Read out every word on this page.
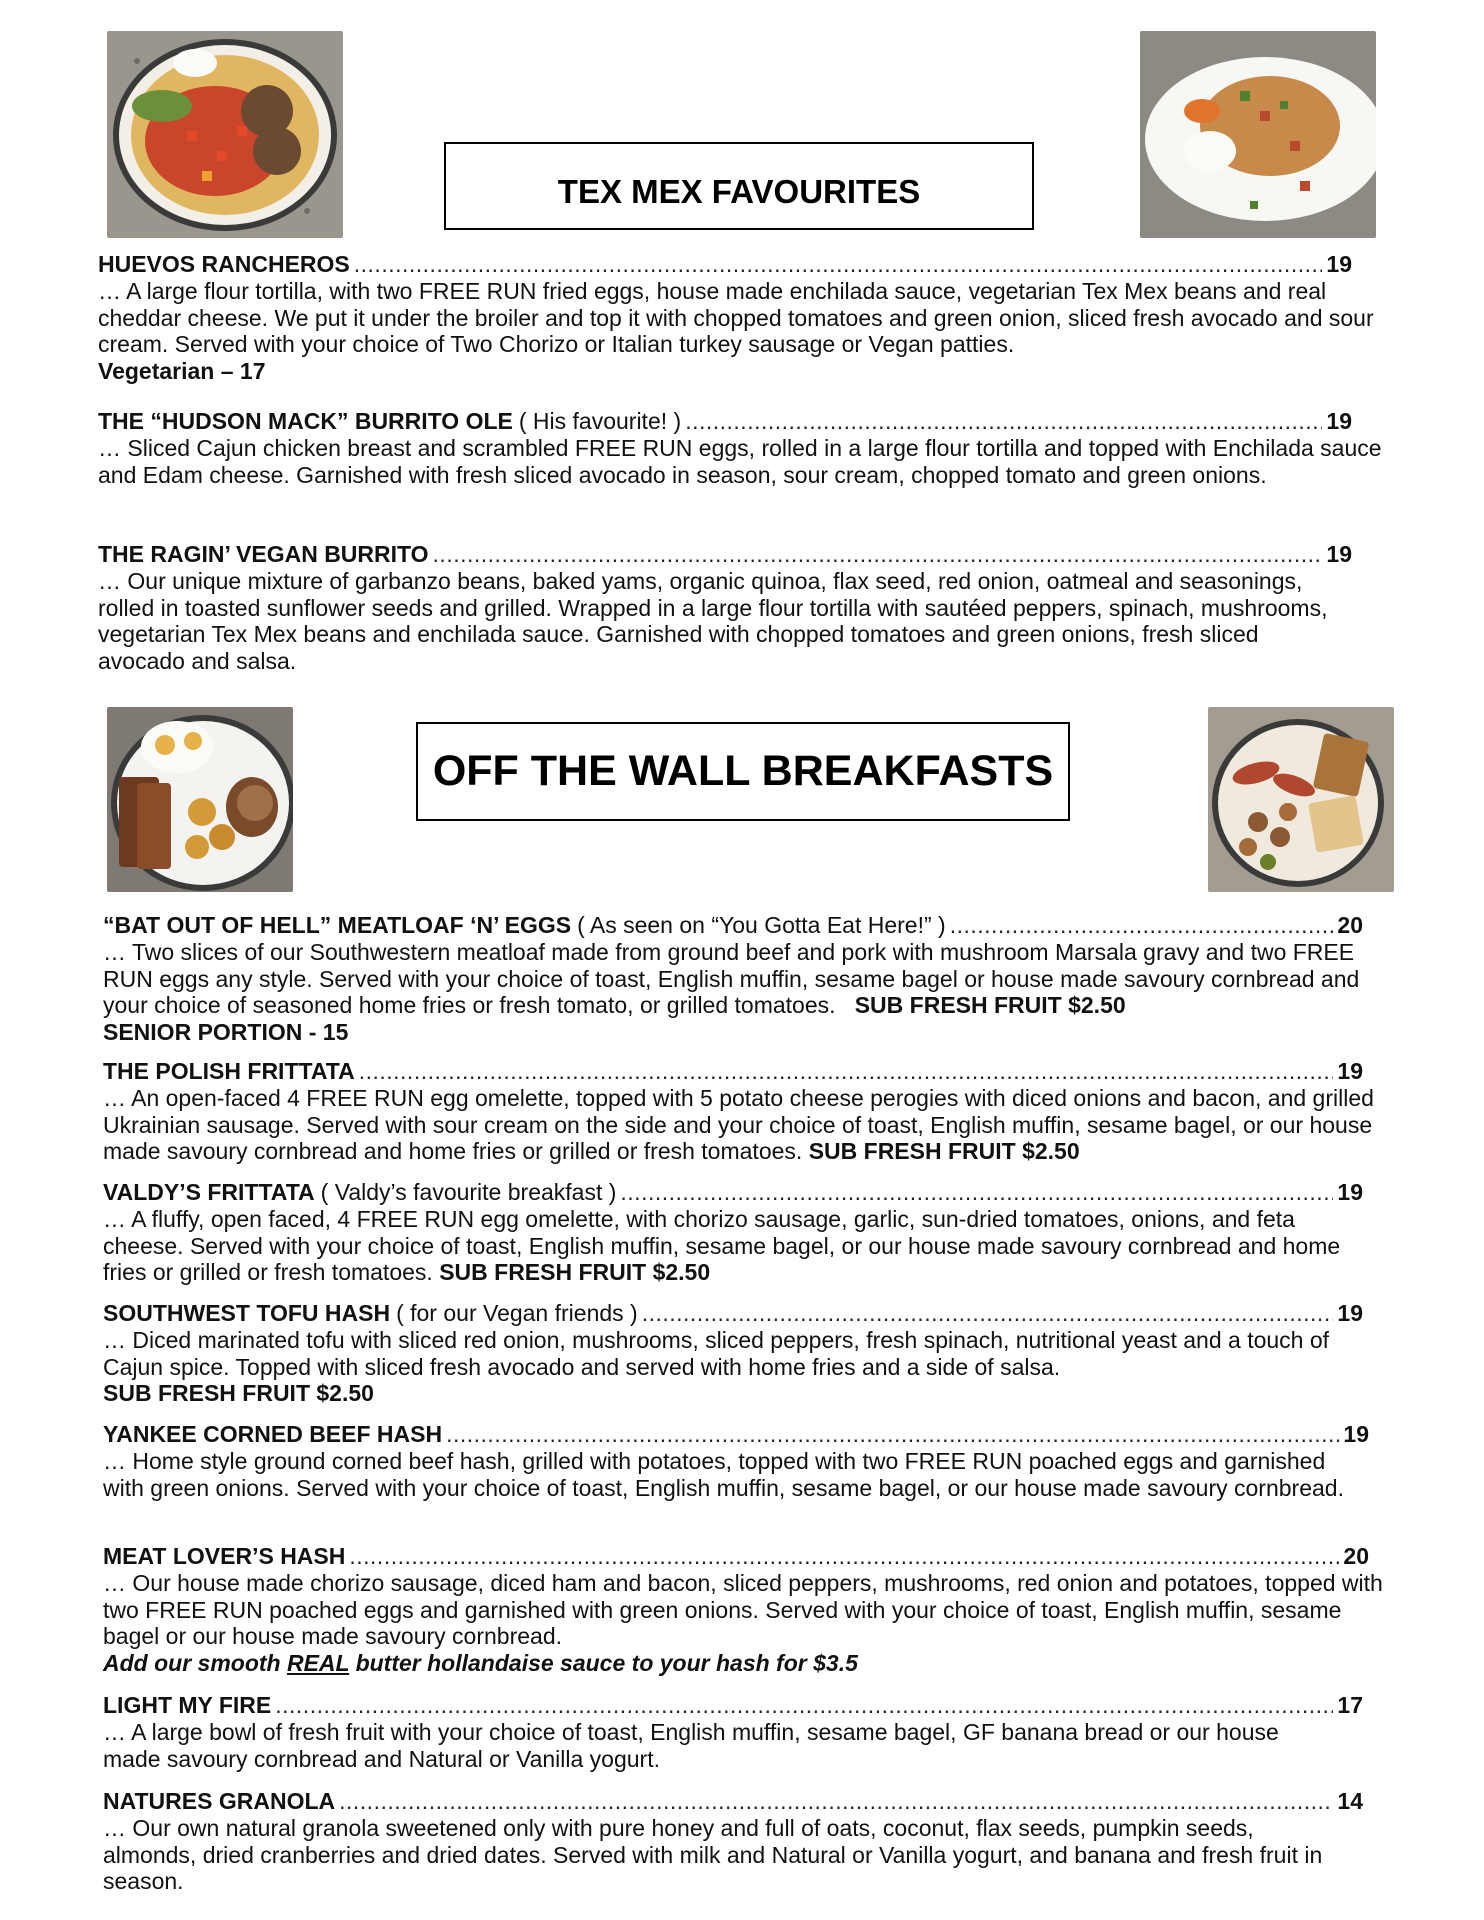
TEX MEX FAVOURITES
OFF THE WALL BREAKFASTS
HUEVOS RANCHEROS .....	19
… A large flour tortilla, with two FREE RUN fried eggs, house made enchilada sauce, vegetarian Tex Mex beans and real cheddar cheese. We put it under the broiler and top it with chopped tomatoes and green onion, sliced fresh avocado and sour cream. Served with your choice of Two Chorizo or Italian turkey sausage or Vegan patties.
Vegetarian – 17
THE “HUDSON MACK” BURRITO OLE ( His favourite! ) .....	19
… Sliced Cajun chicken breast and scrambled FREE RUN eggs, rolled in a large flour tortilla and topped with Enchilada sauce and Edam cheese. Garnished with fresh sliced avocado in season, sour cream, chopped tomato and green onions.
THE RAGIN’ VEGAN BURRITO .....	19
… Our unique mixture of garbanzo beans, baked yams, organic quinoa, flax seed, red onion, oatmeal and seasonings, rolled in toasted sunflower seeds and grilled. Wrapped in a large flour tortilla with sautéed peppers, spinach, mushrooms, vegetarian Tex Mex beans and enchilada sauce. Garnished with chopped tomatoes and green onions, fresh sliced avocado and salsa.
“BAT OUT OF HELL” MEATLOAF ‘N’ EGGS ( As seen on “You Gotta Eat Here!” ) .....	20
… Two slices of our Southwestern meatloaf made from ground beef and pork with mushroom Marsala gravy and two FREE RUN eggs any style. Served with your choice of toast, English muffin, sesame bagel or house made savoury cornbread and your choice of seasoned home fries or fresh tomato, or grilled tomatoes. SUB FRESH FRUIT $2.50
SENIOR PORTION - 15
THE POLISH FRITTATA .....	19
… An open-faced 4 FREE RUN egg omelette, topped with 5 potato cheese perogies with diced onions and bacon, and grilled Ukrainian sausage. Served with sour cream on the side and your choice of toast, English muffin, sesame bagel, or our house made savoury cornbread and home fries or grilled or fresh tomatoes. SUB FRESH FRUIT $2.50
VALDY’S FRITTATA ( Valdy’s favourite breakfast ) .....	19
… A fluffy, open faced, 4 FREE RUN egg omelette, with chorizo sausage, garlic, sun-dried tomatoes, onions, and feta cheese. Served with your choice of toast, English muffin, sesame bagel, or our house made savoury cornbread and home fries or grilled or fresh tomatoes. SUB FRESH FRUIT $2.50
SOUTHWEST TOFU HASH ( for our Vegan friends ) .....	19
… Diced marinated tofu with sliced red onion, mushrooms, sliced peppers, fresh spinach, nutritional yeast and a touch of Cajun spice. Topped with sliced fresh avocado and served with home fries and a side of salsa.
SUB FRESH FRUIT $2.50
YANKEE CORNED BEEF HASH .....	19
… Home style ground corned beef hash, grilled with potatoes, topped with two FREE RUN poached eggs and garnished with green onions. Served with your choice of toast, English muffin, sesame bagel, or our house made savoury cornbread.
MEAT LOVER’S HASH .....	20
… Our house made chorizo sausage, diced ham and bacon, sliced peppers, mushrooms, red onion and potatoes, topped with two FREE RUN poached eggs and garnished with green onions. Served with your choice of toast, English muffin, sesame bagel or our house made savoury cornbread.
Add our smooth REAL butter hollandaise sauce to your hash for $3.5
LIGHT MY FIRE .....	17
… A large bowl of fresh fruit with your choice of toast, English muffin, sesame bagel, GF banana bread or our house made savoury cornbread and Natural or Vanilla yogurt.
NATURES GRANOLA .....	14
… Our own natural granola sweetened only with pure honey and full of oats, coconut, flax seeds, pumpkin seeds, almonds, dried cranberries and dried dates. Served with milk and Natural or Vanilla yogurt, and banana and fresh fruit in season.
